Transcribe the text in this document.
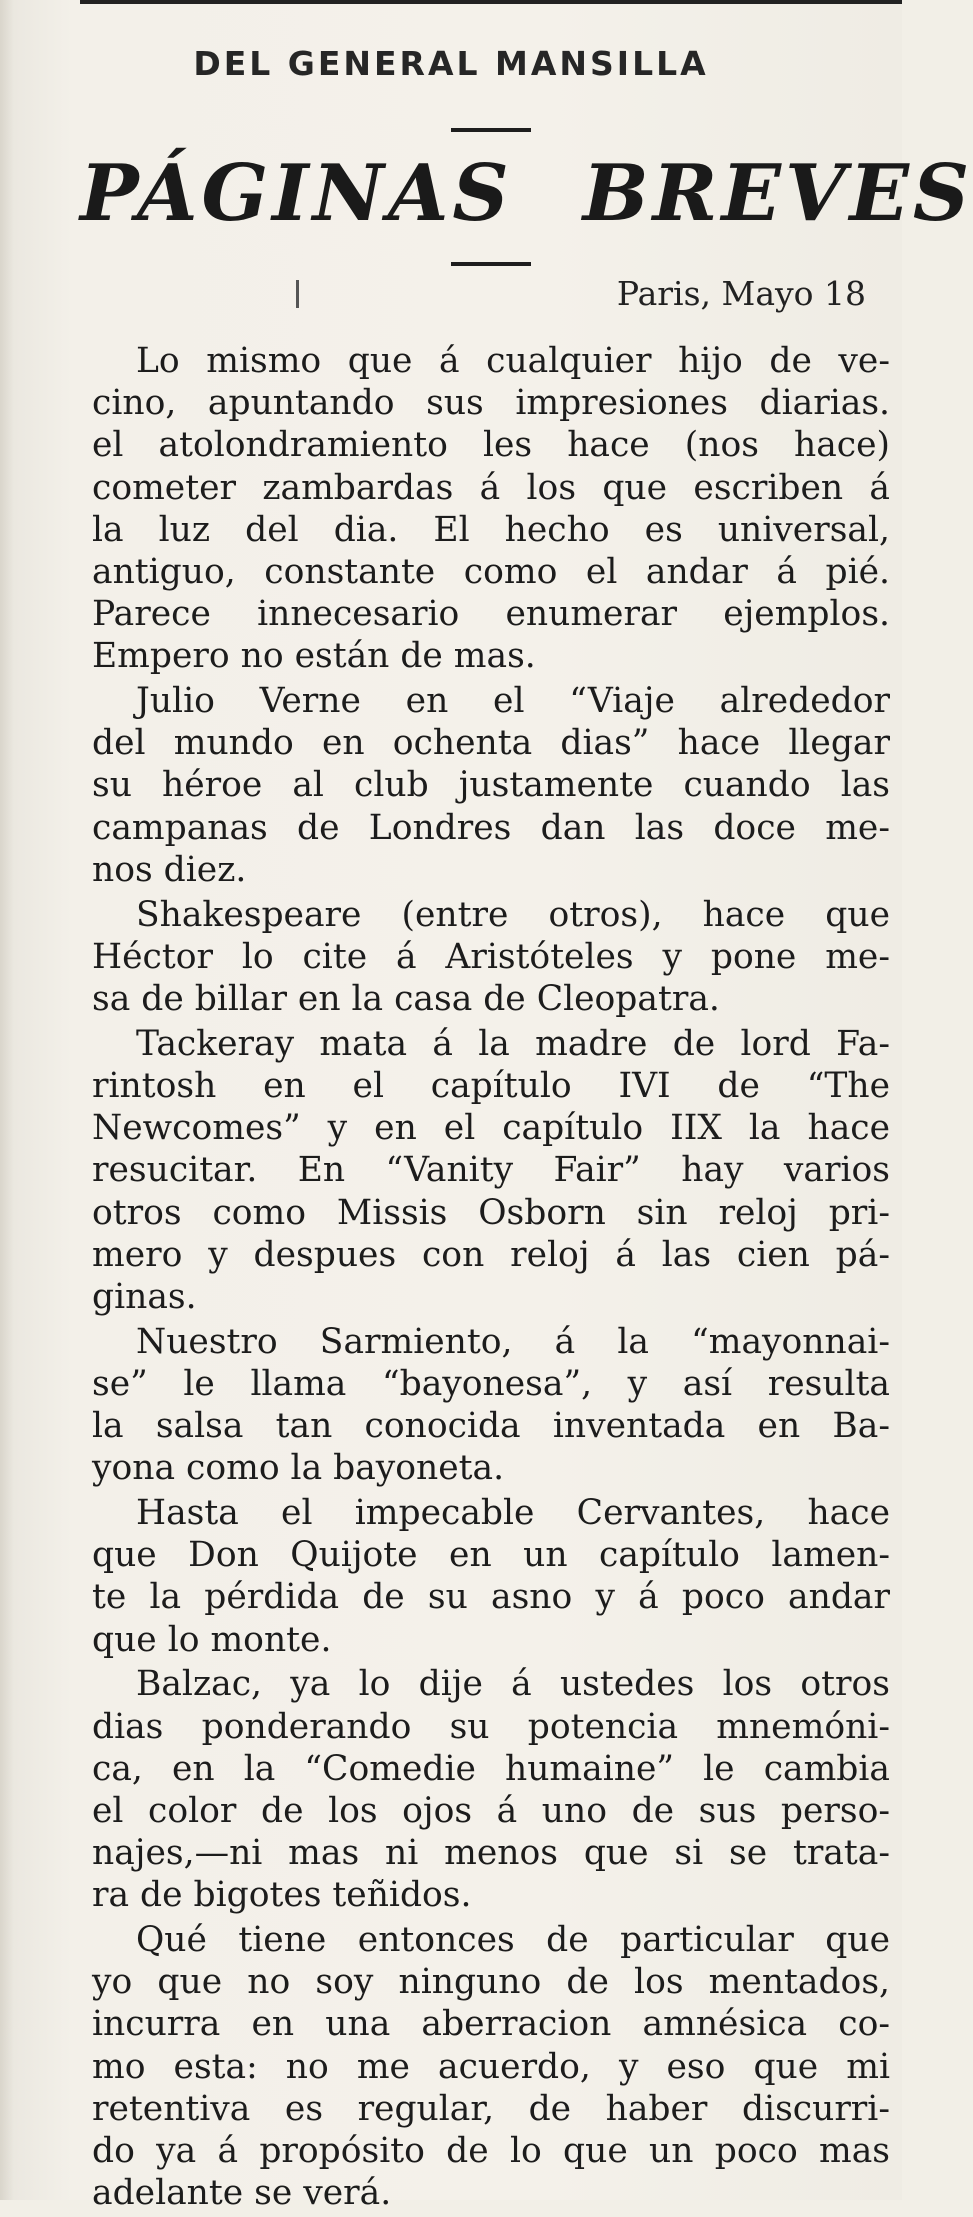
DEL GENERAL MANSILLA
PÁGINAS BREVES
Paris, Mayo 18

Lo mismo que á cualquier hijo de ve-

cino, apuntando sus impresiones diarias.

el atolondramiento les hace (nos hace)

cometer zambardas á los que escriben á

la luz del dia. El hecho es universal,

antiguo, constante como el andar á pié.

Parece innecesario enumerar ejemplos.

Empero no están de mas.

Julio Verne en el “Viaje alrededor

del mundo en ochenta dias” hace llegar

su héroe al club justamente cuando las

campanas de Londres dan las doce me-

nos diez.

Shakespeare (entre otros), hace que

Héctor lo cite á Aristóteles y pone me-

sa de billar en la casa de Cleopatra.

Tackeray mata á la madre de lord Fa-

rintosh en el capítulo IVI de “The

Newcomes” y en el capítulo IIX la hace

resucitar. En “Vanity Fair” hay varios

otros como Missis Osborn sin reloj pri-

mero y despues con reloj á las cien pá-

ginas.

Nuestro Sarmiento, á la “mayonnai-

se” le llama “bayonesa”, y así resulta

la salsa tan conocida inventada en Ba-

yona como la bayoneta.

Hasta el impecable Cervantes, hace

que Don Quijote en un capítulo lamen-

te la pérdida de su asno y á poco andar

que lo monte.

Balzac, ya lo dije á ustedes los otros

dias ponderando su potencia mnemóni-

ca, en la “Comedie humaine” le cambia

el color de los ojos á uno de sus perso-

najes,—ni mas ni menos que si se trata-

ra de bigotes teñidos.

Qué tiene entonces de particular que

yo que no soy ninguno de los mentados,

incurra en una aberracion amnésica co-

mo esta: no me acuerdo, y eso que mi

retentiva es regular, de haber discurri-

do ya á propósito de lo que un poco mas

adelante se verá.
